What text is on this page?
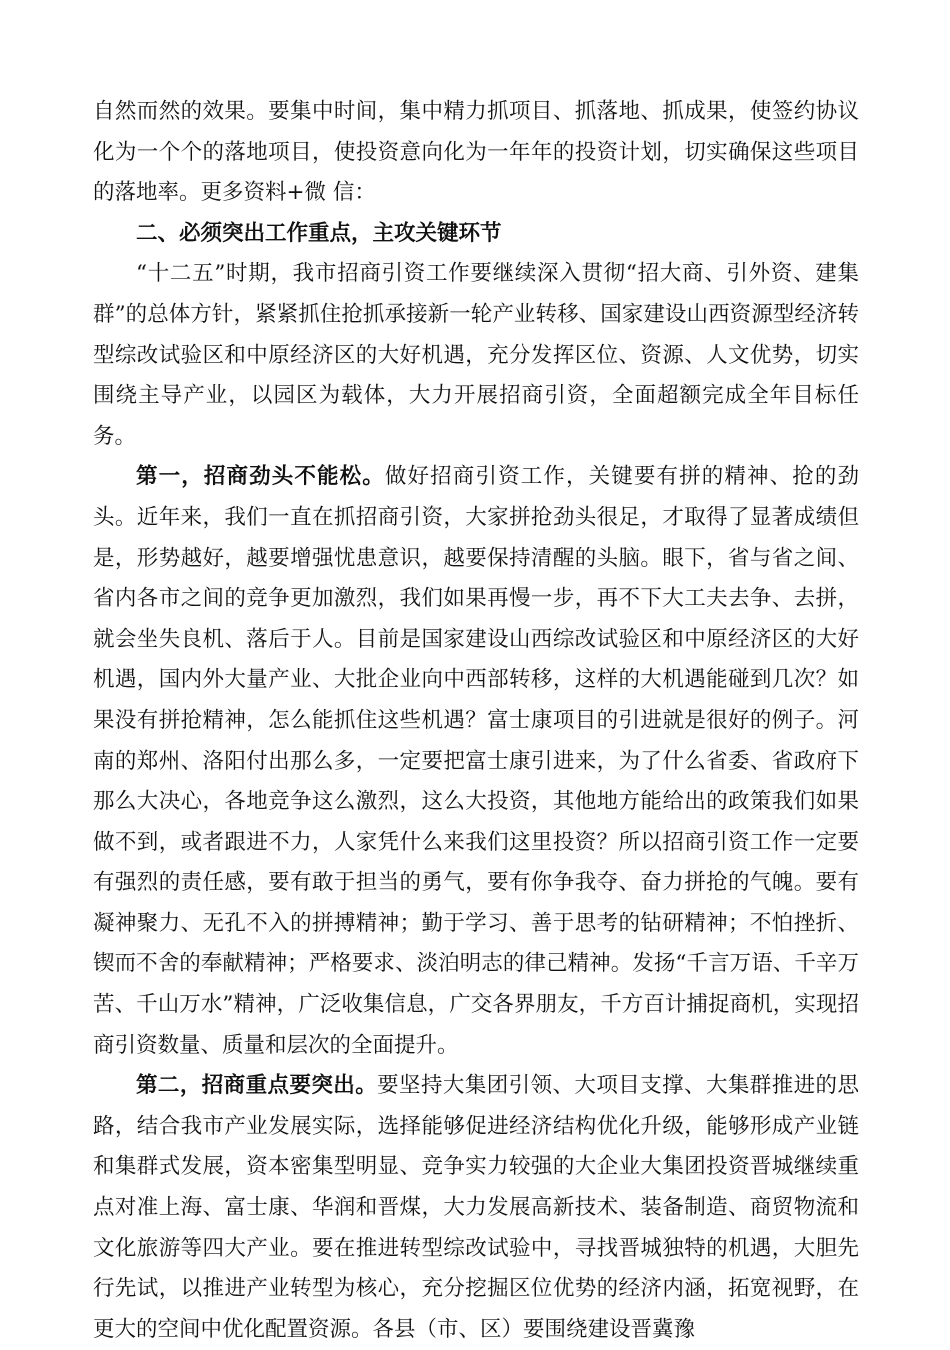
自然而然的效果。要集中时间，集中精力抓项目、抓落地、抓成果，使签约协议化为一个个的落地项目，使投资意向化为一年年的投资计划，切实确保这些项目的落地率。更多资料+微 信：

二、必须突出工作重点，主攻关键环节

“十二五”时期，我市招商引资工作要继续深入贯彻“招大商、引外资、建集群”的总体方针，紧紧抓住抢抓承接新一轮产业转移、国家建设山西资源型经济转型综改试验区和中原经济区的大好机遇，充分发挥区位、资源、人文优势，切实围绕主导产业，以园区为载体，大力开展招商引资，全面超额完成全年目标任务。

第一，招商劲头不能松。做好招商引资工作，关键要有拼的精神、抢的劲头。近年来，我们一直在抓招商引资，大家拼抢劲头很足，才取得了显著成绩但是，形势越好，越要增强忧患意识，越要保持清醒的头脑。眼下，省与省之间、省内各市之间的竞争更加激烈，我们如果再慢一步，再不下大工夫去争、去拼，就会坐失良机、落后于人。目前是国家建设山西综改试验区和中原经济区的大好机遇，国内外大量产业、大批企业向中西部转移，这样的大机遇能碰到几次？如果没有拼抢精神，怎么能抓住这些机遇？富士康项目的引进就是很好的例子。河南的郑州、洛阳付出那么多，一定要把富士康引进来，为了什么省委、省政府下那么大决心，各地竞争这么激烈，这么大投资，其他地方能给出的政策我们如果做不到，或者跟进不力，人家凭什么来我们这里投资？所以招商引资工作一定要有强烈的责任感，要有敢于担当的勇气，要有你争我夺、奋力拼抢的气魄。要有凝神聚力、无孔不入的拼搏精神；勤于学习、善于思考的钻研精神；不怕挫折、锲而不舍的奉献精神；严格要求、淡泊明志的律己精神。发扬“千言万语、千辛万苦、千山万水”精神，广泛收集信息，广交各界朋友，千方百计捕捉商机，实现招商引资数量、质量和层次的全面提升。

第二，招商重点要突出。要坚持大集团引领、大项目支撑、大集群推进的思路，结合我市产业发展实际，选择能够促进经济结构优化升级，能够形成产业链和集群式发展，资本密集型明显、竞争实力较强的大企业大集团投资晋城继续重点对准上海、富士康、华润和晋煤，大力发展高新技术、装备制造、商贸物流和文化旅游等四大产业。要在推进转型综改试验中，寻找晋城独特的机遇，大胆先行先试，以推进产业转型为核心，充分挖掘区位优势的经济内涵，拓宽视野，在更大的空间中优化配置资源。各县（市、区）要围绕建设晋冀豫
